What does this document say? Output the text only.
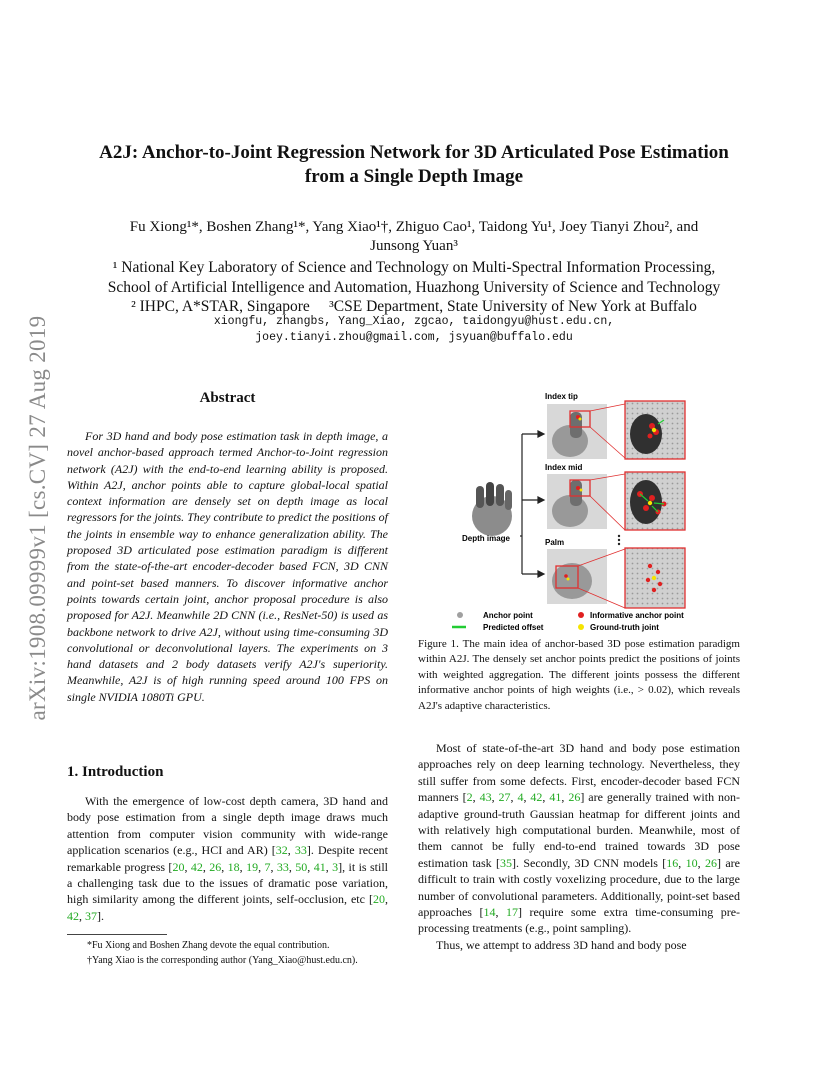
arXiv:1908.09999v1 [cs.CV] 27 Aug 2019
A2J: Anchor-to-Joint Regression Network for 3D Articulated Pose Estimation
from a Single Depth Image
Fu Xiong¹*, Boshen Zhang¹*, Yang Xiao¹†, Zhiguo Cao¹, Taidong Yu¹, Joey Tianyi Zhou², and
Junsong Yuan³
¹ National Key Laboratory of Science and Technology on Multi-Spectral Information Processing,
School of Artificial Intelligence and Automation, Huazhong University of Science and Technology
² IHPC, A*STAR, Singapore     ³CSE Department, State University of New York at Buffalo
xiongfu, zhangbs, Yang_Xiao, zgcao, taidongyu@hust.edu.cn,
joey.tianyi.zhou@gmail.com, jsyuan@buffalo.edu
Abstract
For 3D hand and body pose estimation task in depth image, a novel anchor-based approach termed Anchor-to-Joint regression network (A2J) with the end-to-end learning ability is proposed. Within A2J, anchor points able to capture global-local spatial context information are densely set on depth image as local regressors for the joints. They contribute to predict the positions of the joints in ensemble way to enhance generalization ability. The proposed 3D articulated pose estimation paradigm is different from the state-of-the-art encoder-decoder based FCN, 3D CNN and point-set based manners. To discover informative anchor points towards certain joint, anchor proposal procedure is also proposed for A2J. Meanwhile 2D CNN (i.e., ResNet-50) is used as backbone network to drive A2J, without using time-consuming 3D convolutional or deconvolutional layers. The experiments on 3 hand datasets and 2 body datasets verify A2J's superiority. Meanwhile, A2J is of high running speed around 100 FPS on single NVIDIA 1080Ti GPU.
1. Introduction
With the emergence of low-cost depth camera, 3D hand and body pose estimation from a single depth image draws much attention from computer vision community with wide-range application scenarios (e.g., HCI and AR) [32, 33]. Despite recent remarkable progress [20, 42, 26, 18, 19, 7, 33, 50, 41, 3], it is still a challenging task due to the issues of dramatic pose variation, high similarity among the different joints, self-occlusion, etc [20, 42, 37].
*Fu Xiong and Boshen Zhang devote the equal contribution.
†Yang Xiao is the corresponding author (Yang_Xiao@hust.edu.cn).
Depth image
Index tip
Index mid
Palm
Anchor point
Predicted offset
Informative anchor point
Ground-truth joint
Figure 1. The main idea of anchor-based 3D pose estimation paradigm within A2J. The densely set anchor points predict the positions of joints with weighted aggregation. The different joints possess the different informative anchor points of high weights (i.e., > 0.02), which reveals A2J's adaptive characteristics.

Most of state-of-the-art 3D hand and body pose estimation approaches rely on deep learning technology. Nevertheless, they still suffer from some defects. First, encoder-decoder based FCN manners [2, 43, 27, 4, 42, 41, 26] are generally trained with non-adaptive ground-truth Gaussian heatmap for different joints and with relatively high computational burden. Meanwhile, most of them cannot be fully end-to-end trained towards 3D pose estimation task [35]. Secondly, 3D CNN models [16, 10, 26] are difficult to train with costly voxelizing procedure, due to the large number of convolutional parameters. Additionally, point-set based approaches [14, 17] require some extra time-consuming pre-processing treatments (e.g., point sampling).

Thus, we attempt to address 3D hand and body pose
